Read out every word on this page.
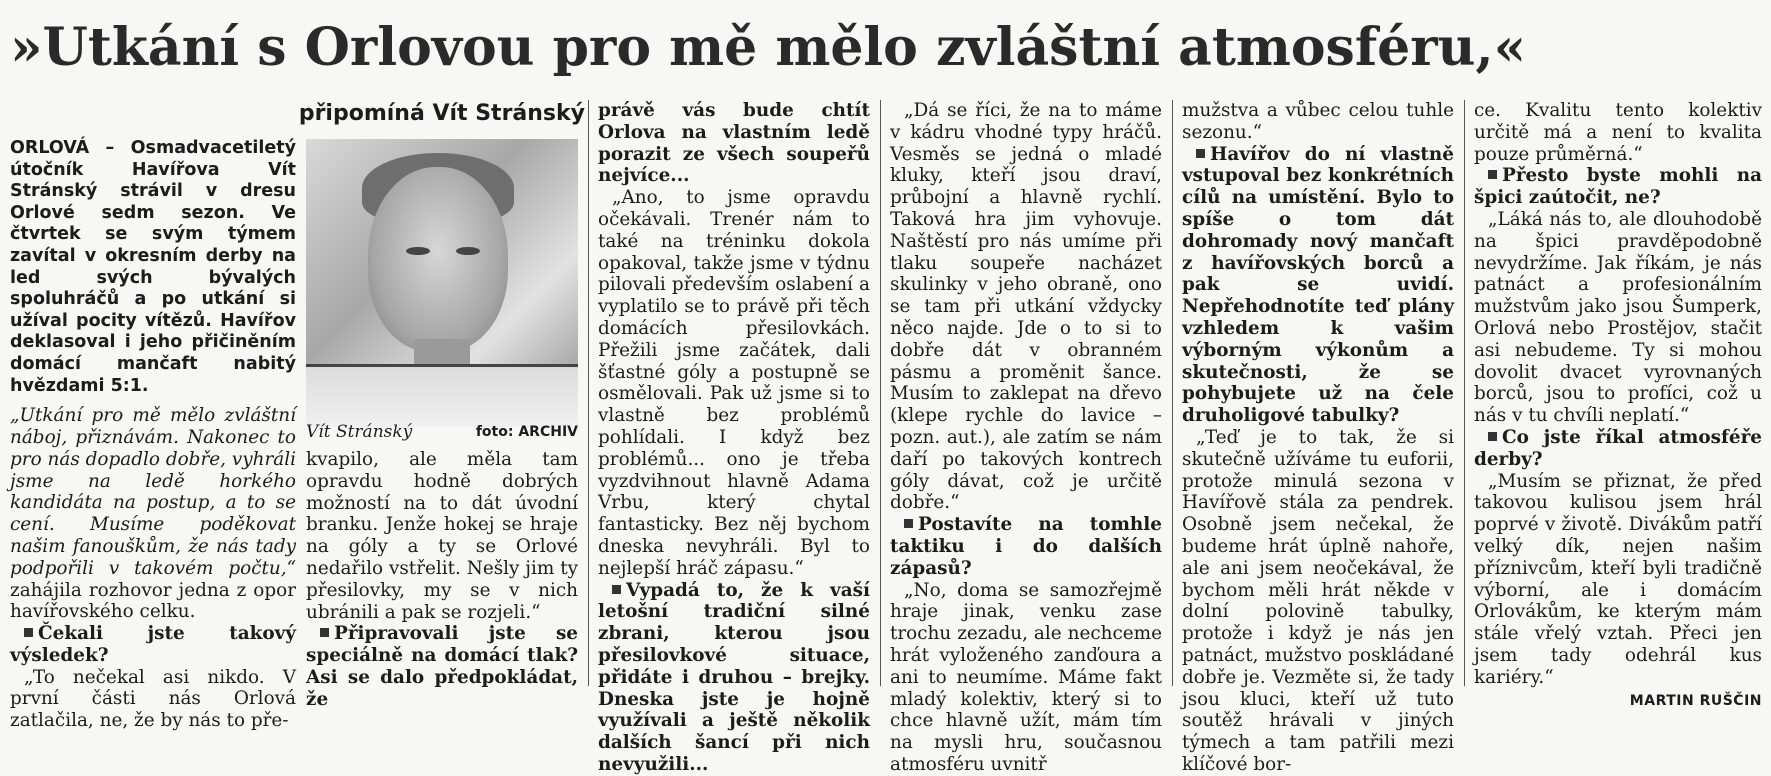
»Utkání s Orlovou pro mě mělo zvláštní atmosféru,«
připomíná Vít Stránský
ORLOVÁ – Osmadvacetiletý útočník Havířova Vít Stránský strávil v dresu Orlové sedm sezon. Ve čtvrtek se svým týmem zavítal v okresním derby na led svých bývalých spoluhráčů a po utkání si užíval pocity vítězů. Havířov deklasoval i jeho přičiněním domácí mančaft nabitý hvězdami 5:1.

„Utkání pro mě mělo zvláštní náboj, přiznávám. Nakonec to pro nás dopadlo dobře, vyhráli jsme na ledě horkého kandidáta na postup, a to se cení. Musíme poděkovat našim fanouškům, že nás tady podpořili v takovém počtu,“ zahájila rozhovor jedna z opor havířovského celku.

Čekali jste takový výsledek?

„To nečekal asi nikdo. V první části nás Orlová zatlačila, ne, že by nás to pře-

Vít Stránský	foto: ARCHIV

kvapilo, ale měla tam opravdu hodně dobrých možností na to dát úvodní branku. Jenže hokej se hraje na góly a ty se Orlové nedařilo vstřelit. Nešly jim ty přesilovky, my se v nich ubránili a pak se rozjeli.“

Připravovali jste se speciálně na domácí tlak? Asi se dalo předpokládat, že

právě vás bude chtít Orlova na vlastním ledě porazit ze všech soupeřů nejvíce...

„Ano, to jsme opravdu očekávali. Trenér nám to také na tréninku dokola opakoval, takže jsme v týdnu pilovali především oslabení a vyplatilo se to právě při těch domácích přesilovkách. Přežili jsme začátek, dali šťastné góly a postupně se osmělovali. Pak už jsme si to vlastně bez problémů pohlídali. I když bez problémů... ono je třeba vyzdvihnout hlavně Adama Vrbu, který chytal fantasticky. Bez něj bychom dneska nevyhráli. Byl to nejlepší hráč zápasu.“

Vypadá to, že k vaší letošní tradiční silné zbrani, kterou jsou přesilovkové situace, přidáte i druhou – brejky. Dneska jste je hojně využívali a ještě několik dalších šancí při nich nevyužili...

„Dá se říci, že na to máme v kádru vhodné typy hráčů. Vesměs se jedná o mladé kluky, kteří jsou draví, průbojní a hlavně rychlí. Taková hra jim vyhovuje. Naštěstí pro nás umíme při tlaku soupeře nacházet skulinky v jeho obraně, ono se tam při utkání vždycky něco najde. Jde o to si to dobře dát v obranném pásmu a proměnit šance. Musím to zaklepat na dřevo (klepe rychle do lavice – pozn. aut.), ale zatím se nám daří po takových kontrech góly dávat, což je určitě dobře.“

Postavíte na tomhle taktiku i do dalších zápasů?

„No, doma se samozřejmě hraje jinak, venku zase trochu zezadu, ale nechceme hrát vyloženého zanďoura a ani to neumíme. Máme fakt mladý kolektiv, který si to chce hlavně užít, mám tím na mysli hru, současnou atmosféru uvnitř

mužstva a vůbec celou tuhle sezonu.“

Havířov do ní vlastně vstupoval bez konkrétních cílů na umístění. Bylo to spíše o tom dát dohromady nový mančaft z havířovských borců a pak se uvidí. Nepřehodnotíte teď plány vzhledem k vašim výborným výkonům a skutečnosti, že se pohybujete už na čele druholigové tabulky?

„Teď je to tak, že si skutečně užíváme tu euforii, protože minulá sezona v Havířově stála za pendrek. Osobně jsem nečekal, že budeme hrát úplně nahoře, ale ani jsem neočekával, že bychom měli hrát někde v dolní polovině tabulky, protože i když je nás jen patnáct, mužstvo poskládané dobře je. Vezměte si, že tady jsou kluci, kteří už tuto soutěž hrávali v jiných týmech a tam patřili mezi klíčové bor-

ce. Kvalitu tento kolektiv určitě má a není to kvalita pouze průměrná.“

Přesto byste mohli na špici zaútočit, ne?

„Láká nás to, ale dlouhodobě na špici pravděpodobně nevydržíme. Jak říkám, je nás patnáct a profesionálním mužstvům jako jsou Šumperk, Orlová nebo Prostějov, stačit asi nebudeme. Ty si mohou dovolit dvacet vyrovnaných borců, jsou to profíci, což u nás v tu chvíli neplatí.“

Co jste říkal atmosféře derby?

„Musím se přiznat, že před takovou kulisou jsem hrál poprvé v životě. Divákům patří velký dík, nejen našim příznivcům, kteří byli tradičně výborní, ale i domácím Orlovákům, ke kterým mám stále vřelý vztah. Přeci jen jsem tady odehrál kus kariéry.“

MARTIN RUŠČIN
